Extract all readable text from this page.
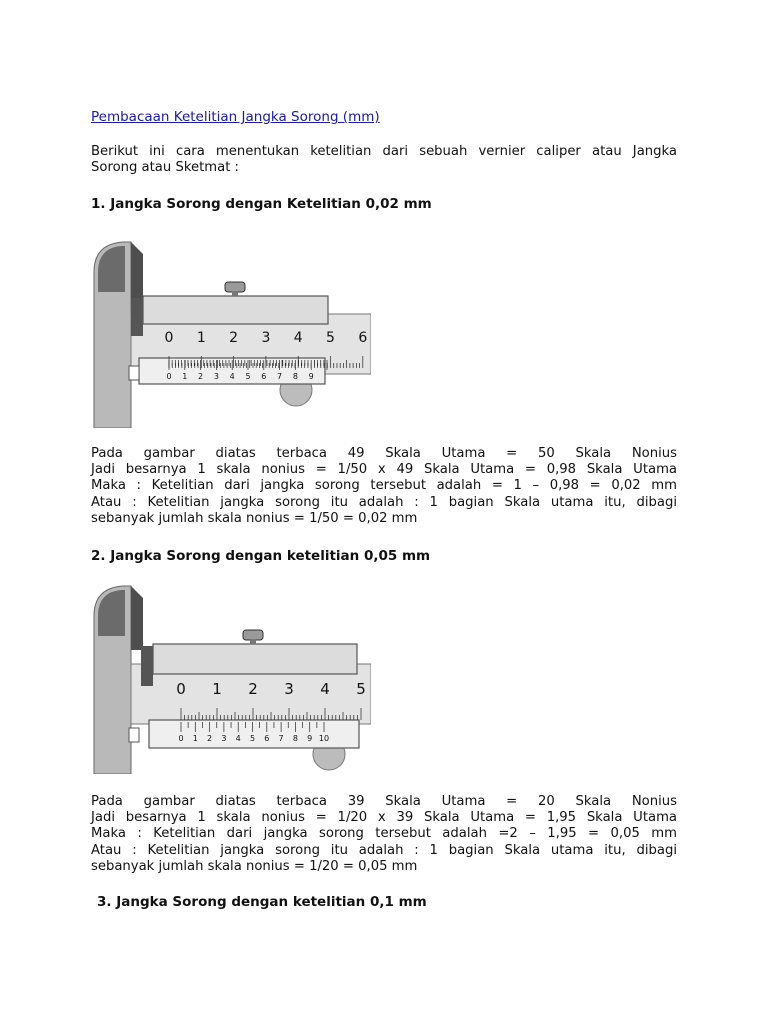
Pembacaan Ketelitian Jangka Sorong (mm)
Berikut ini cara menentukan ketelitian dari sebuah vernier caliper atau Jangka
Sorong atau Sketmat :
1. Jangka Sorong dengan Ketelitian 0,02 mm
0 1 2 3 4 5 6
0 1 2 3 4 5 6 7 8 9
Pada gambar diatas terbaca 49 Skala Utama = 50 Skala Nonius
Jadi besarnya 1 skala nonius = 1/50 x 49 Skala Utama = 0,98 Skala Utama
Maka : Ketelitian dari jangka sorong tersebut adalah = 1 – 0,98 = 0,02 mm
Atau : Ketelitian jangka sorong itu adalah : 1 bagian Skala utama itu, dibagi
sebanyak jumlah skala nonius = 1/50 = 0,02 mm
2. Jangka Sorong dengan ketelitian 0,05 mm
0 1 2 3 4 5
0 1 2 3 4 5 6 7 8 9 10
Pada gambar diatas terbaca 39 Skala Utama = 20 Skala Nonius
Jadi besarnya 1 skala nonius = 1/20 x 39 Skala Utama = 1,95 Skala Utama
Maka : Ketelitian dari jangka sorong tersebut adalah =2 – 1,95 = 0,05 mm
Atau : Ketelitian jangka sorong itu adalah : 1 bagian Skala utama itu, dibagi
sebanyak jumlah skala nonius = 1/20 = 0,05 mm
3. Jangka Sorong dengan ketelitian 0,1 mm
